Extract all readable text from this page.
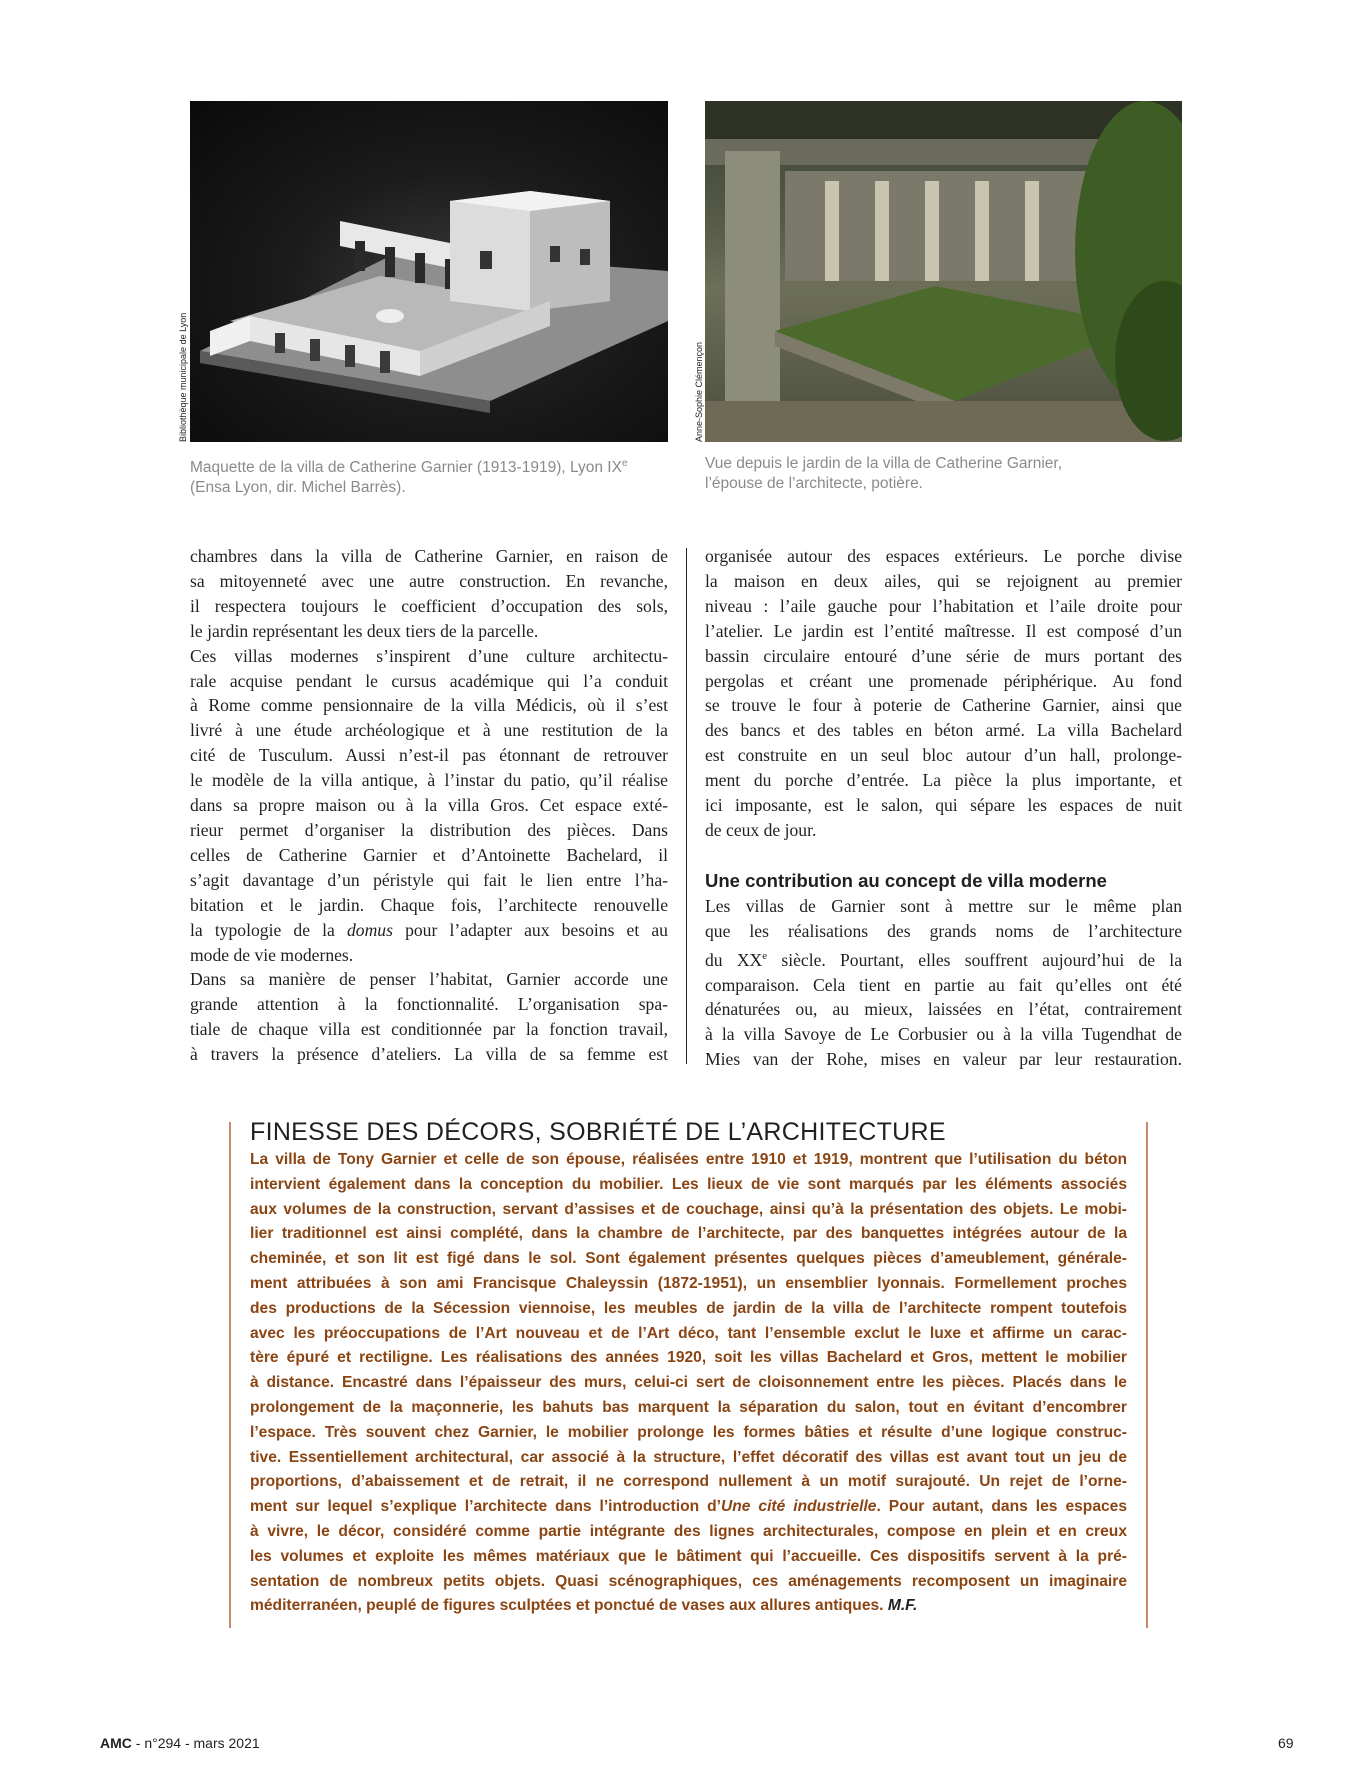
Bibliothèque municipale de Lyon	Anne-Sophie Clémençon
Maquette de la villa de Catherine Garnier (1913-1919), Lyon IXe
(Ensa Lyon, dir. Michel Barrès).
Vue depuis le jardin de la villa de Catherine Garnier,
l’épouse de l’architecte, potière.
chambres dans la villa de Catherine Garnier, en raison de
sa mitoyenneté avec une autre construction. En revanche,
il respectera toujours le coefficient d’occupation des sols,
le jardin représentant les deux tiers de la parcelle.
Ces villas modernes s’inspirent d’une culture architectu-
rale acquise pendant le cursus académique qui l’a conduit
à Rome comme pensionnaire de la villa Médicis, où il s’est
livré à une étude archéologique et à une restitution de la
cité de Tusculum. Aussi n’est-il pas étonnant de retrouver
le modèle de la villa antique, à l’instar du patio, qu’il réalise
dans sa propre maison ou à la villa Gros. Cet espace exté-
rieur permet d’organiser la distribution des pièces. Dans
celles de Catherine Garnier et d’Antoinette Bachelard, il
s’agit davantage d’un péristyle qui fait le lien entre l’ha-
bitation et le jardin. Chaque fois, l’architecte renouvelle
la typologie de la domus pour l’adapter aux besoins et au
mode de vie modernes.
Dans sa manière de penser l’habitat, Garnier accorde une
grande attention à la fonctionnalité. L’organisation spa-
tiale de chaque villa est conditionnée par la fonction travail,
à travers la présence d’ateliers. La villa de sa femme est
organisée autour des espaces extérieurs. Le porche divise
la maison en deux ailes, qui se rejoignent au premier
niveau : l’aile gauche pour l’habitation et l’aile droite pour
l’atelier. Le jardin est l’entité maîtresse. Il est composé d’un
bassin circulaire entouré d’une série de murs portant des
pergolas et créant une promenade périphérique. Au fond
se trouve le four à poterie de Catherine Garnier, ainsi que
des bancs et des tables en béton armé. La villa Bachelard
est construite en un seul bloc autour d’un hall, prolonge-
ment du porche d’entrée. La pièce la plus importante, et
ici imposante, est le salon, qui sépare les espaces de nuit
de ceux de jour.
Une contribution au concept de villa moderne
Les villas de Garnier sont à mettre sur le même plan
que les réalisations des grands noms de l’architecture
du XXe siècle. Pourtant, elles souffrent aujourd’hui de la
comparaison. Cela tient en partie au fait qu’elles ont été
dénaturées ou, au mieux, laissées en l’état, contrairement
à la villa Savoye de Le Corbusier ou à la villa Tugendhat de
Mies van der Rohe, mises en valeur par leur restauration.
FINESSE DES DÉCORS, SOBRIÉTÉ DE L’ARCHITECTURE
La villa de Tony Garnier et celle de son épouse, réalisées entre 1910 et 1919, montrent que l’utilisation du béton
intervient également dans la conception du mobilier. Les lieux de vie sont marqués par les éléments associés
aux volumes de la construction, servant d’assises et de couchage, ainsi qu’à la présentation des objets. Le mobi-
lier traditionnel est ainsi complété, dans la chambre de l’architecte, par des banquettes intégrées autour de la
cheminée, et son lit est figé dans le sol. Sont également présentes quelques pièces d’ameublement, générale-
ment attribuées à son ami Francisque Chaleyssin (1872-1951), un ensemblier lyonnais. Formellement proches
des productions de la Sécession viennoise, les meubles de jardin de la villa de l’architecte rompent toutefois
avec les préoccupations de l’Art nouveau et de l’Art déco, tant l’ensemble exclut le luxe et affirme un carac-
tère épuré et rectiligne. Les réalisations des années 1920, soit les villas Bachelard et Gros, mettent le mobilier
à distance. Encastré dans l’épaisseur des murs, celui-ci sert de cloisonnement entre les pièces. Placés dans le
prolongement de la maçonnerie, les bahuts bas marquent la séparation du salon, tout en évitant d’encombrer
l’espace. Très souvent chez Garnier, le mobilier prolonge les formes bâties et résulte d’une logique construc-
tive. Essentiellement architectural, car associé à la structure, l’effet décoratif des villas est avant tout un jeu de
proportions, d’abaissement et de retrait, il ne correspond nullement à un motif surajouté. Un rejet de l’orne-
ment sur lequel s’explique l’architecte dans l’introduction d’Une cité industrielle. Pour autant, dans les espaces
à vivre, le décor, considéré comme partie intégrante des lignes architecturales, compose en plein et en creux
les volumes et exploite les mêmes matériaux que le bâtiment qui l’accueille. Ces dispositifs servent à la pré-
sentation de nombreux petits objets. Quasi scénographiques, ces aménagements recomposent un imaginaire
méditerranéen, peuplé de figures sculptées et ponctué de vases aux allures antiques. M.F.
AMC - n°294 - mars 2021	69
